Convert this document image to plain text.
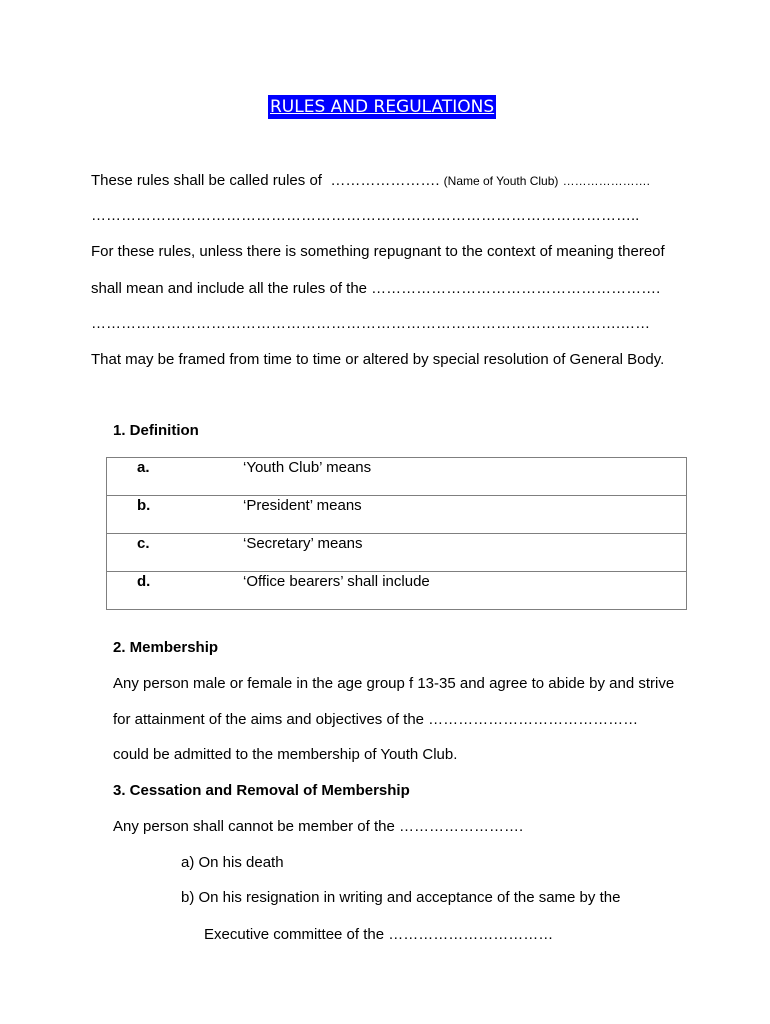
RULES AND REGULATIONS
These rules shall be called rules of …………………. (Name of Youth Club) ………………….
………………………………………………………………………………………………..
For these rules, unless there is something repugnant to the context of meaning thereof
shall mean and include all the rules of the ………………………………………………….
…………………………………………………………………………………………….……
That may be framed from time to time or altered by special resolution of General Body.
1. Definition
a.	‘Youth Club’ means
b.	‘President’ means
c.	‘Secretary’ means
d.	‘Office bearers’ shall include
2. Membership
Any person male or female in the age group f 13-35 and agree to abide by and strive
for attainment of the aims and objectives of the ……………………………………
could be admitted to the membership of Youth Club.
3. Cessation and Removal of Membership
Any person shall cannot be member of the …………………….
a) On his death
b) On his resignation in writing and acceptance of the same by the
Executive committee of the ……………………………
